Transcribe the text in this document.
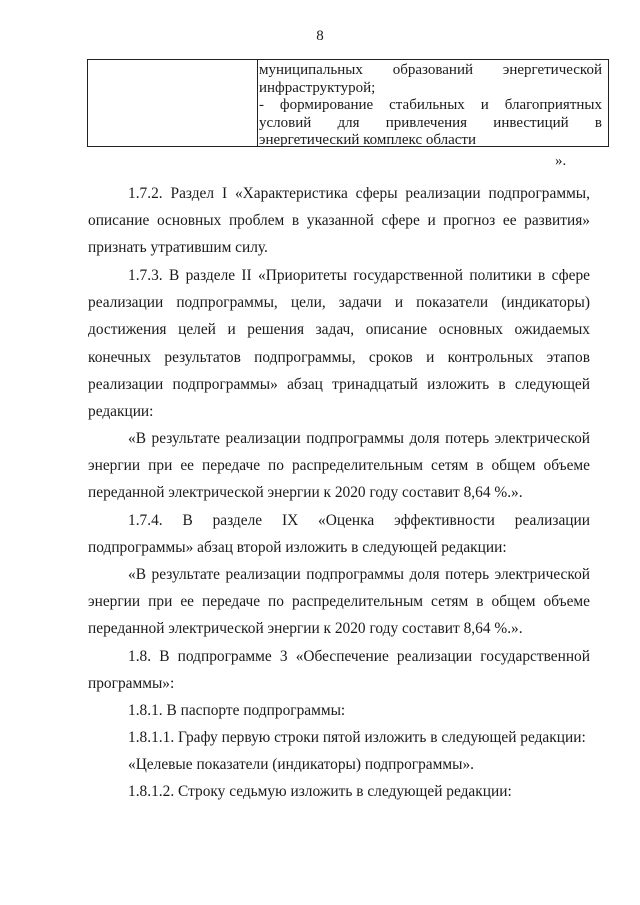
8
муниципальных образований энергетической
инфраструктурой;
- формирование стабильных и благоприятных
условий для привлечения инвестиций в
энергетический комплекс области
».

1.7.2. Раздел I «Характеристика сферы реализации подпрограммы, описание основных проблем в указанной сфере и прогноз ее развития» признать утратившим силу.

1.7.3. В разделе II «Приоритеты государственной политики в сфере реализации подпрограммы, цели, задачи и показатели (индикаторы) достижения целей и решения задач, описание основных ожидаемых конечных результатов подпрограммы, сроков и контрольных этапов реализации подпрограммы» абзац тринадцатый изложить в следующей редакции:

«В результате реализации подпрограммы доля потерь электрической энергии при ее передаче по распределительным сетям в общем объеме переданной электрической энергии к 2020 году составит 8,64 %.».

1.7.4. В разделе IX «Оценка эффективности реализации подпрограммы» абзац второй изложить в следующей редакции:

«В результате реализации подпрограммы доля потерь электрической энергии при ее передаче по распределительным сетям в общем объеме переданной электрической энергии к 2020 году составит 8,64 %.».

1.8. В подпрограмме 3 «Обеспечение реализации государственной программы»:

1.8.1. В паспорте подпрограммы:

1.8.1.1. Графу первую строки пятой изложить в следующей редакции:

«Целевые показатели (индикаторы) подпрограммы».

1.8.1.2. Строку седьмую изложить в следующей редакции:
